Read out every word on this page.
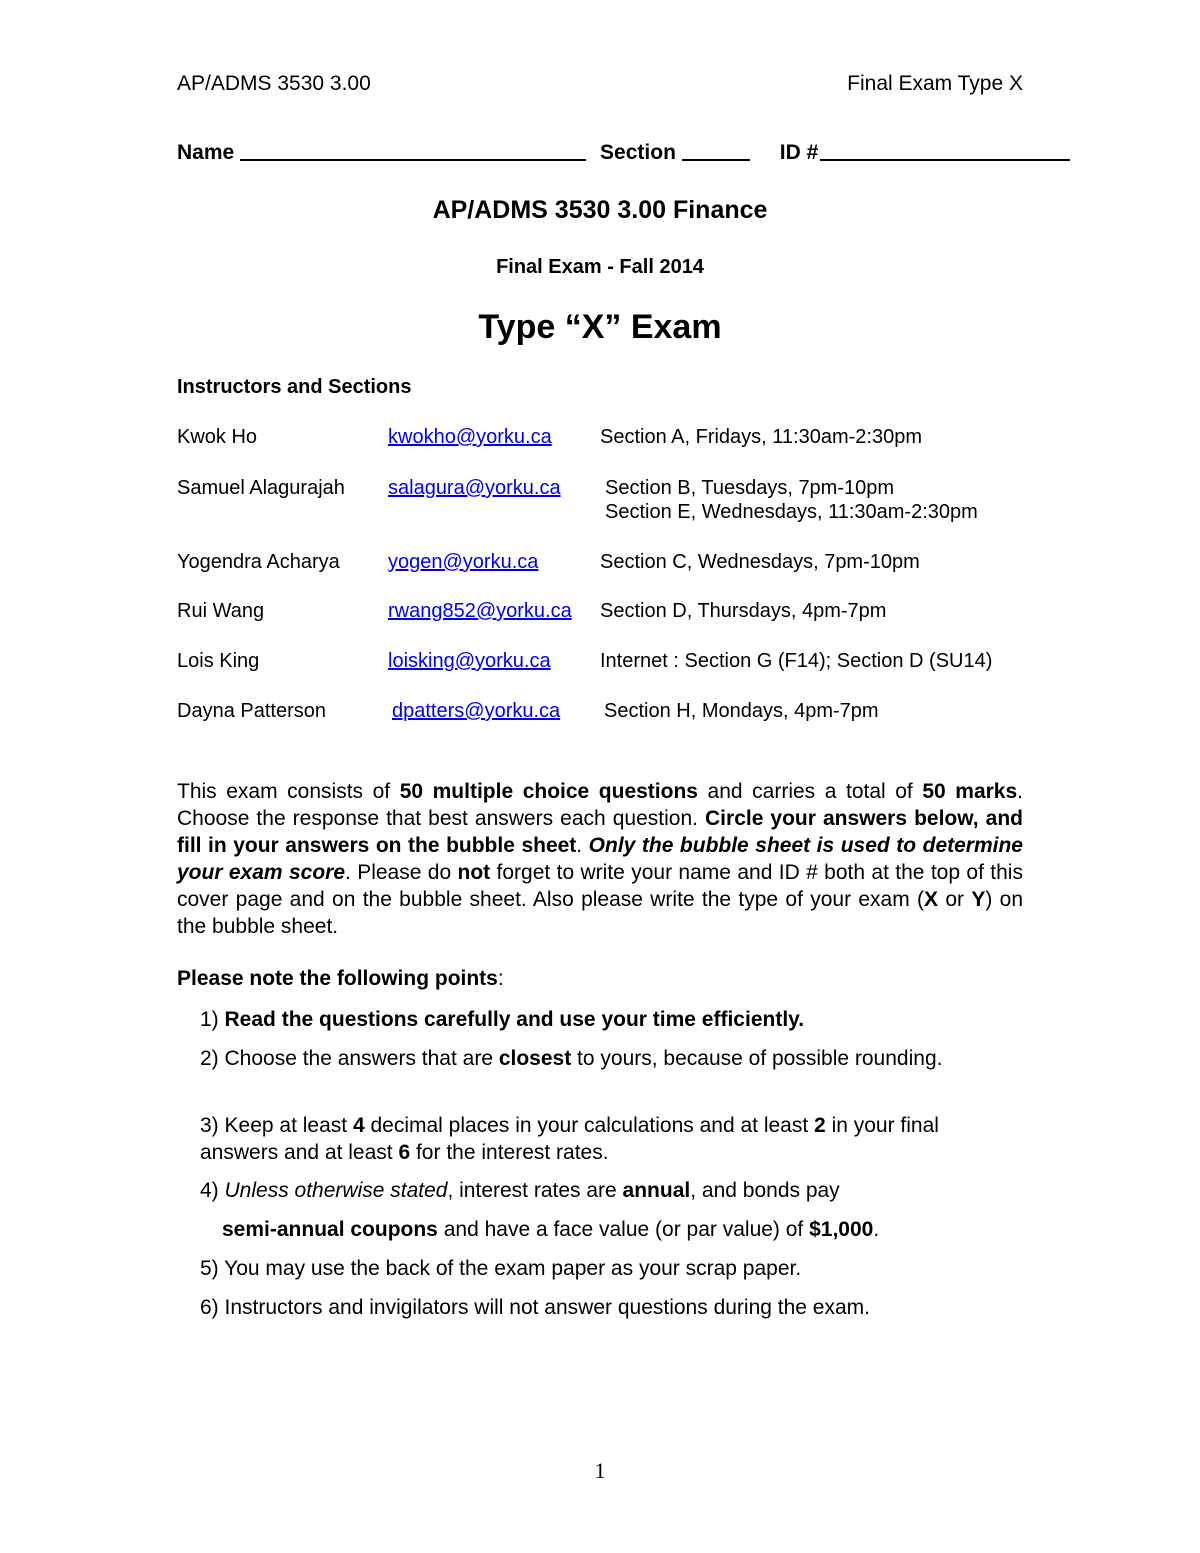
AP/ADMS 3530 3.00	Final Exam Type X
Name	Section	ID #
AP/ADMS 3530 3.00 Finance
Final Exam - Fall 2014
Type “X” Exam
Instructors and Sections
Kwok Ho	kwokho@yorku.ca Section A, Fridays, 11:30am-2:30pm
Samuel Alagurajah salagura@yorku.ca Section B, Tuesdays, 7pm-10pm
Section E, Wednesdays, 11:30am-2:30pm
Yogendra Acharya yogen@yorku.ca	Section C, Wednesdays, 7pm-10pm
Rui Wang	rwang852@yorku.ca Section D, Thursdays, 4pm-7pm
Lois King	loisking@yorku.ca Internet : Section G (F14); Section D (SU14)
Dayna Patterson	dpatters@yorku.ca Section H, Mondays, 4pm-7pm
This exam consists of 50 multiple choice questions and carries a total of 50 marks. Choose the response that best answers each question. Circle your answers below, and fill in your answers on the bubble sheet. Only the bubble sheet is used to determine your exam score. Please do not forget to write your name and ID # both at the top of this cover page and on the bubble sheet. Also please write the type of your exam (X or Y) on the bubble sheet.
Please note the following points:
1) Read the questions carefully and use your time efficiently.
2) Choose the answers that are closest to yours, because of possible rounding.
3) Keep at least 4 decimal places in your calculations and at least 2 in your final answers and at least 6 for the interest rates.
4) Unless otherwise stated, interest rates are annual, and bonds pay
semi-annual coupons and have a face value (or par value) of $1,000.
5) You may use the back of the exam paper as your scrap paper.
6) Instructors and invigilators will not answer questions during the exam.
1
